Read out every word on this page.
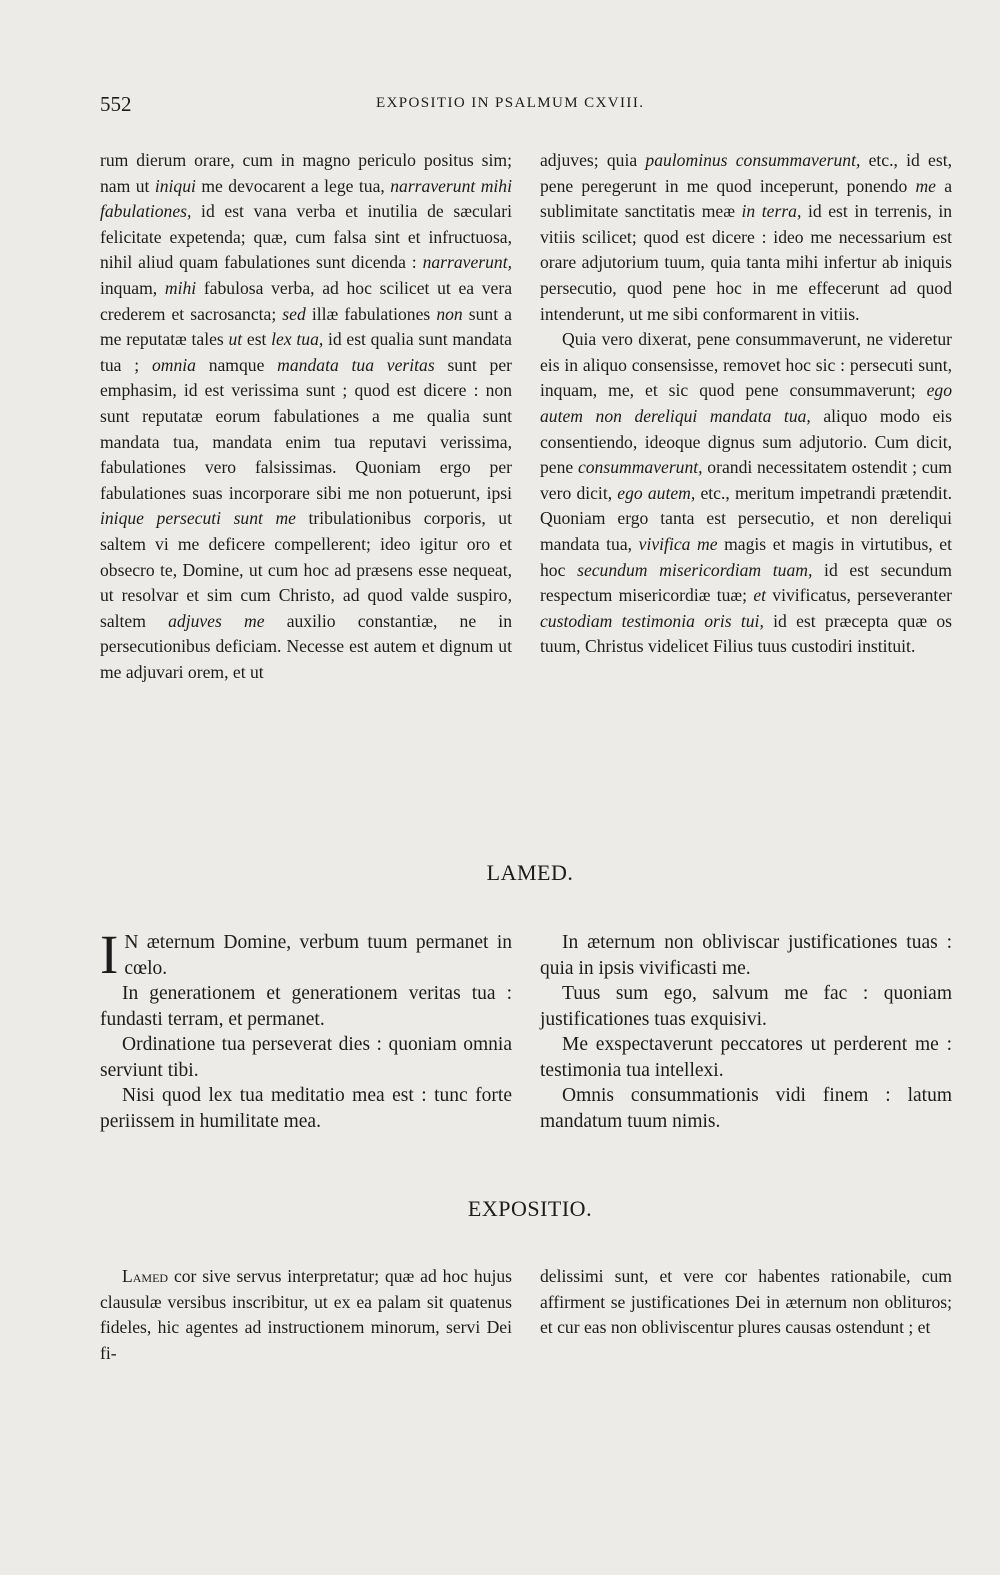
552	EXPOSITIO IN PSALMUM CXVIII.

rum dierum orare, cum in magno periculo positus sim; nam ut iniqui me devocarent a lege tua, narraverunt mihi fabulationes, id est vana verba et inutilia de sæculari felicitate expetenda; quæ, cum falsa sint et infructuosa, nihil aliud quam fabulationes sunt dicenda : narraverunt, inquam, mihi fabulosa verba, ad hoc scilicet ut ea vera crederem et sacrosancta; sed illæ fabulationes non sunt a me reputatæ tales ut est lex tua, id est qualia sunt mandata tua ; omnia namque mandata tua veritas sunt per emphasim, id est verissima sunt ; quod est dicere : non sunt reputatæ eorum fabulationes a me qualia sunt mandata tua, mandata enim tua reputavi verissima, fabulationes vero falsissimas. Quoniam ergo per fabulationes suas incorporare sibi me non potuerunt, ipsi inique persecuti sunt me tribulationibus corporis, ut saltem vi me deficere compellerent; ideo igitur oro et obsecro te, Domine, ut cum hoc ad præsens esse nequeat, ut resolvar et sim cum Christo, ad quod valde suspiro, saltem adjuves me auxilio constantiæ, ne in persecutionibus deficiam. Necesse est autem et dignum ut me adjuvari orem, et ut

adjuves; quia paulominus consummaverunt, etc., id est, pene peregerunt in me quod inceperunt, ponendo me a sublimitate sanctitatis meæ in terra, id est in terrenis, in vitiis scilicet; quod est dicere : ideo me necessarium est orare adjutorium tuum, quia tanta mihi infertur ab iniquis persecutio, quod pene hoc in me effecerunt ad quod intenderunt, ut me sibi conformarent in vitiis.

Quia vero dixerat, pene consummaverunt, ne videretur eis in aliquo consensisse, removet hoc sic : persecuti sunt, inquam, me, et sic quod pene consummaverunt; ego autem non dereliqui mandata tua, aliquo modo eis consentiendo, ideoque dignus sum adjutorio. Cum dicit, pene consummaverunt, orandi necessitatem ostendit ; cum vero dicit, ego autem, etc., meritum impetrandi prætendit. Quoniam ergo tanta est persecutio, et non dereliqui mandata tua, vivifica me magis et magis in virtutibus, et hoc secundum misericordiam tuam, id est secundum respectum misericordiæ tuæ; et vivificatus, perseveranter custodiam testimonia oris tui, id est præcepta quæ os tuum, Christus videlicet Filius tuus custodiri instituit.

LAMED.

I N æternum Domine, verbum tuum permanet in cœlo.

In generationem et generationem veritas tua : fundasti terram, et permanet.

Ordinatione tua perseverat dies : quoniam omnia serviunt tibi.

Nisi quod lex tua meditatio mea est : tunc forte periissem in humilitate mea.

In æternum non obliviscar justificationes tuas : quia in ipsis vivificasti me.

Tuus sum ego, salvum me fac : quoniam justificationes tuas exquisivi.

Me exspectaverunt peccatores ut perderent me : testimonia tua intellexi.

Omnis consummationis vidi finem : latum mandatum tuum nimis.

EXPOSITIO.

Lamed cor sive servus interpretatur; quæ ad hoc hujus clausulæ versibus inscribitur, ut ex ea palam sit quatenus fideles, hic agentes ad instructionem minorum, servi Dei fi-

delissimi sunt, et vere cor habentes rationabile, cum affirment se justificationes Dei in æternum non oblituros; et cur eas non obliviscentur plures causas ostendunt ; et
